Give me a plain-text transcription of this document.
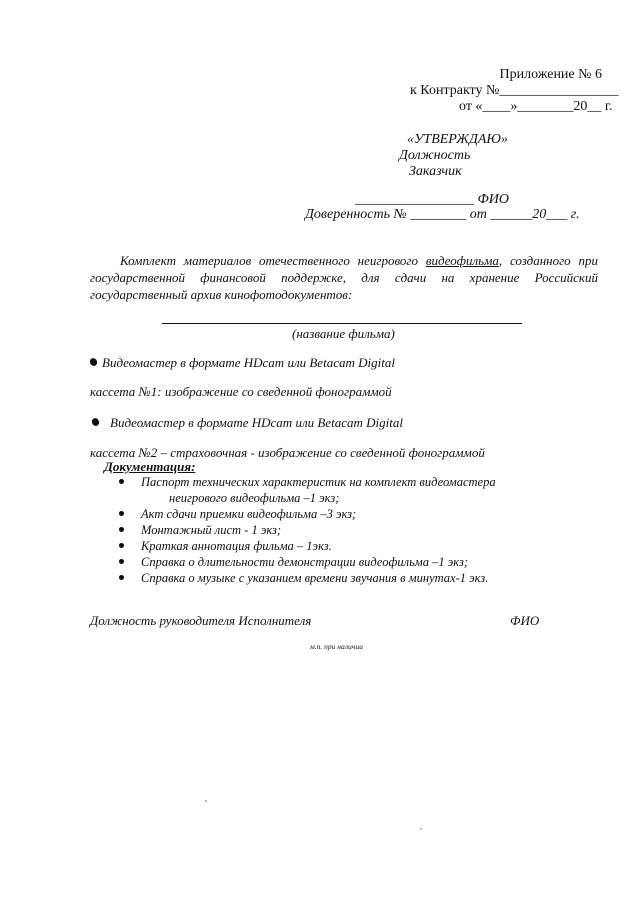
Приложение № 6
к Контракту №_________________
от «____»________20__ г.
«УТВЕРЖДАЮ»
Должность
Заказчик
_________________ ФИО
Доверенность № ________ от ______20___ г.
Комплект материалов отечественного неигрового видеофильма, созданного при государственной финансовой поддержке, для сдачи на хранение Российский государственный архив кинофотодокументов:
(название фильма)
Видеомастер в формате HDcam или Betacam Digital
кассета №1: изображение со сведенной фонограммой
Видеомастер в формате HDcam или Betacam Digital
кассета №2 – страховочная - изображение со сведенной фонограммой
Документация:
Паспорт технических характеристик на комплект видеомастера
неигрового видеофильма –1 экз;
Акт сдачи приемки видеофильма –3 экз;
Монтажный лист - 1 экз;
Краткая аннотация фильма – 1экз.
Справка о длительности демонстрации видеофильма –1 экз;
Справка о музыке с указанием времени звучания в минутах-1 экз.
Должность руководителя Исполнителя	ФИО
м.п. при наличии
